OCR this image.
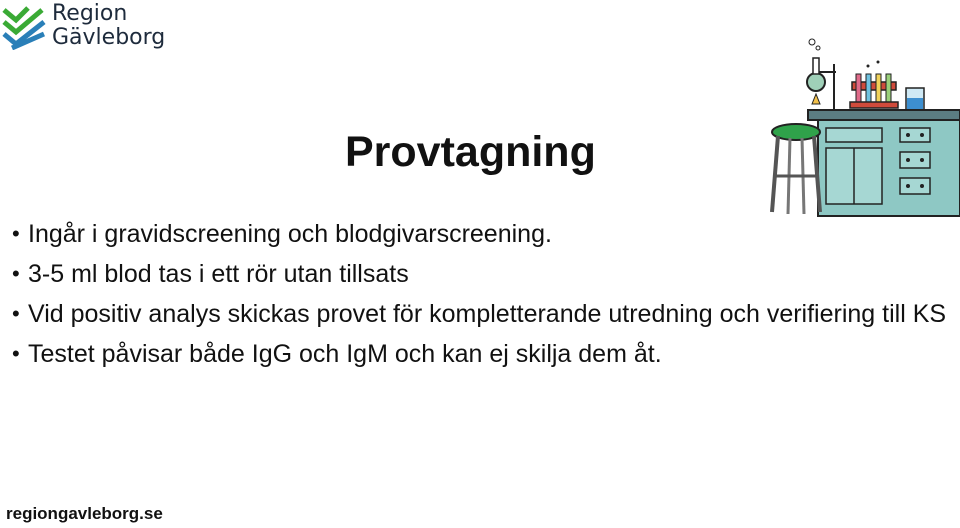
Region
Gävleborg
Provtagning
• Ingår i gravidscreening och blodgivarscreening.
• 3-5 ml blod tas i ett rör utan tillsats
• Vid positiv analys skickas provet för kompletterande utredning och verifiering till KS
• Testet påvisar både IgG och IgM och kan ej skilja dem åt.
regiongavleborg.se
